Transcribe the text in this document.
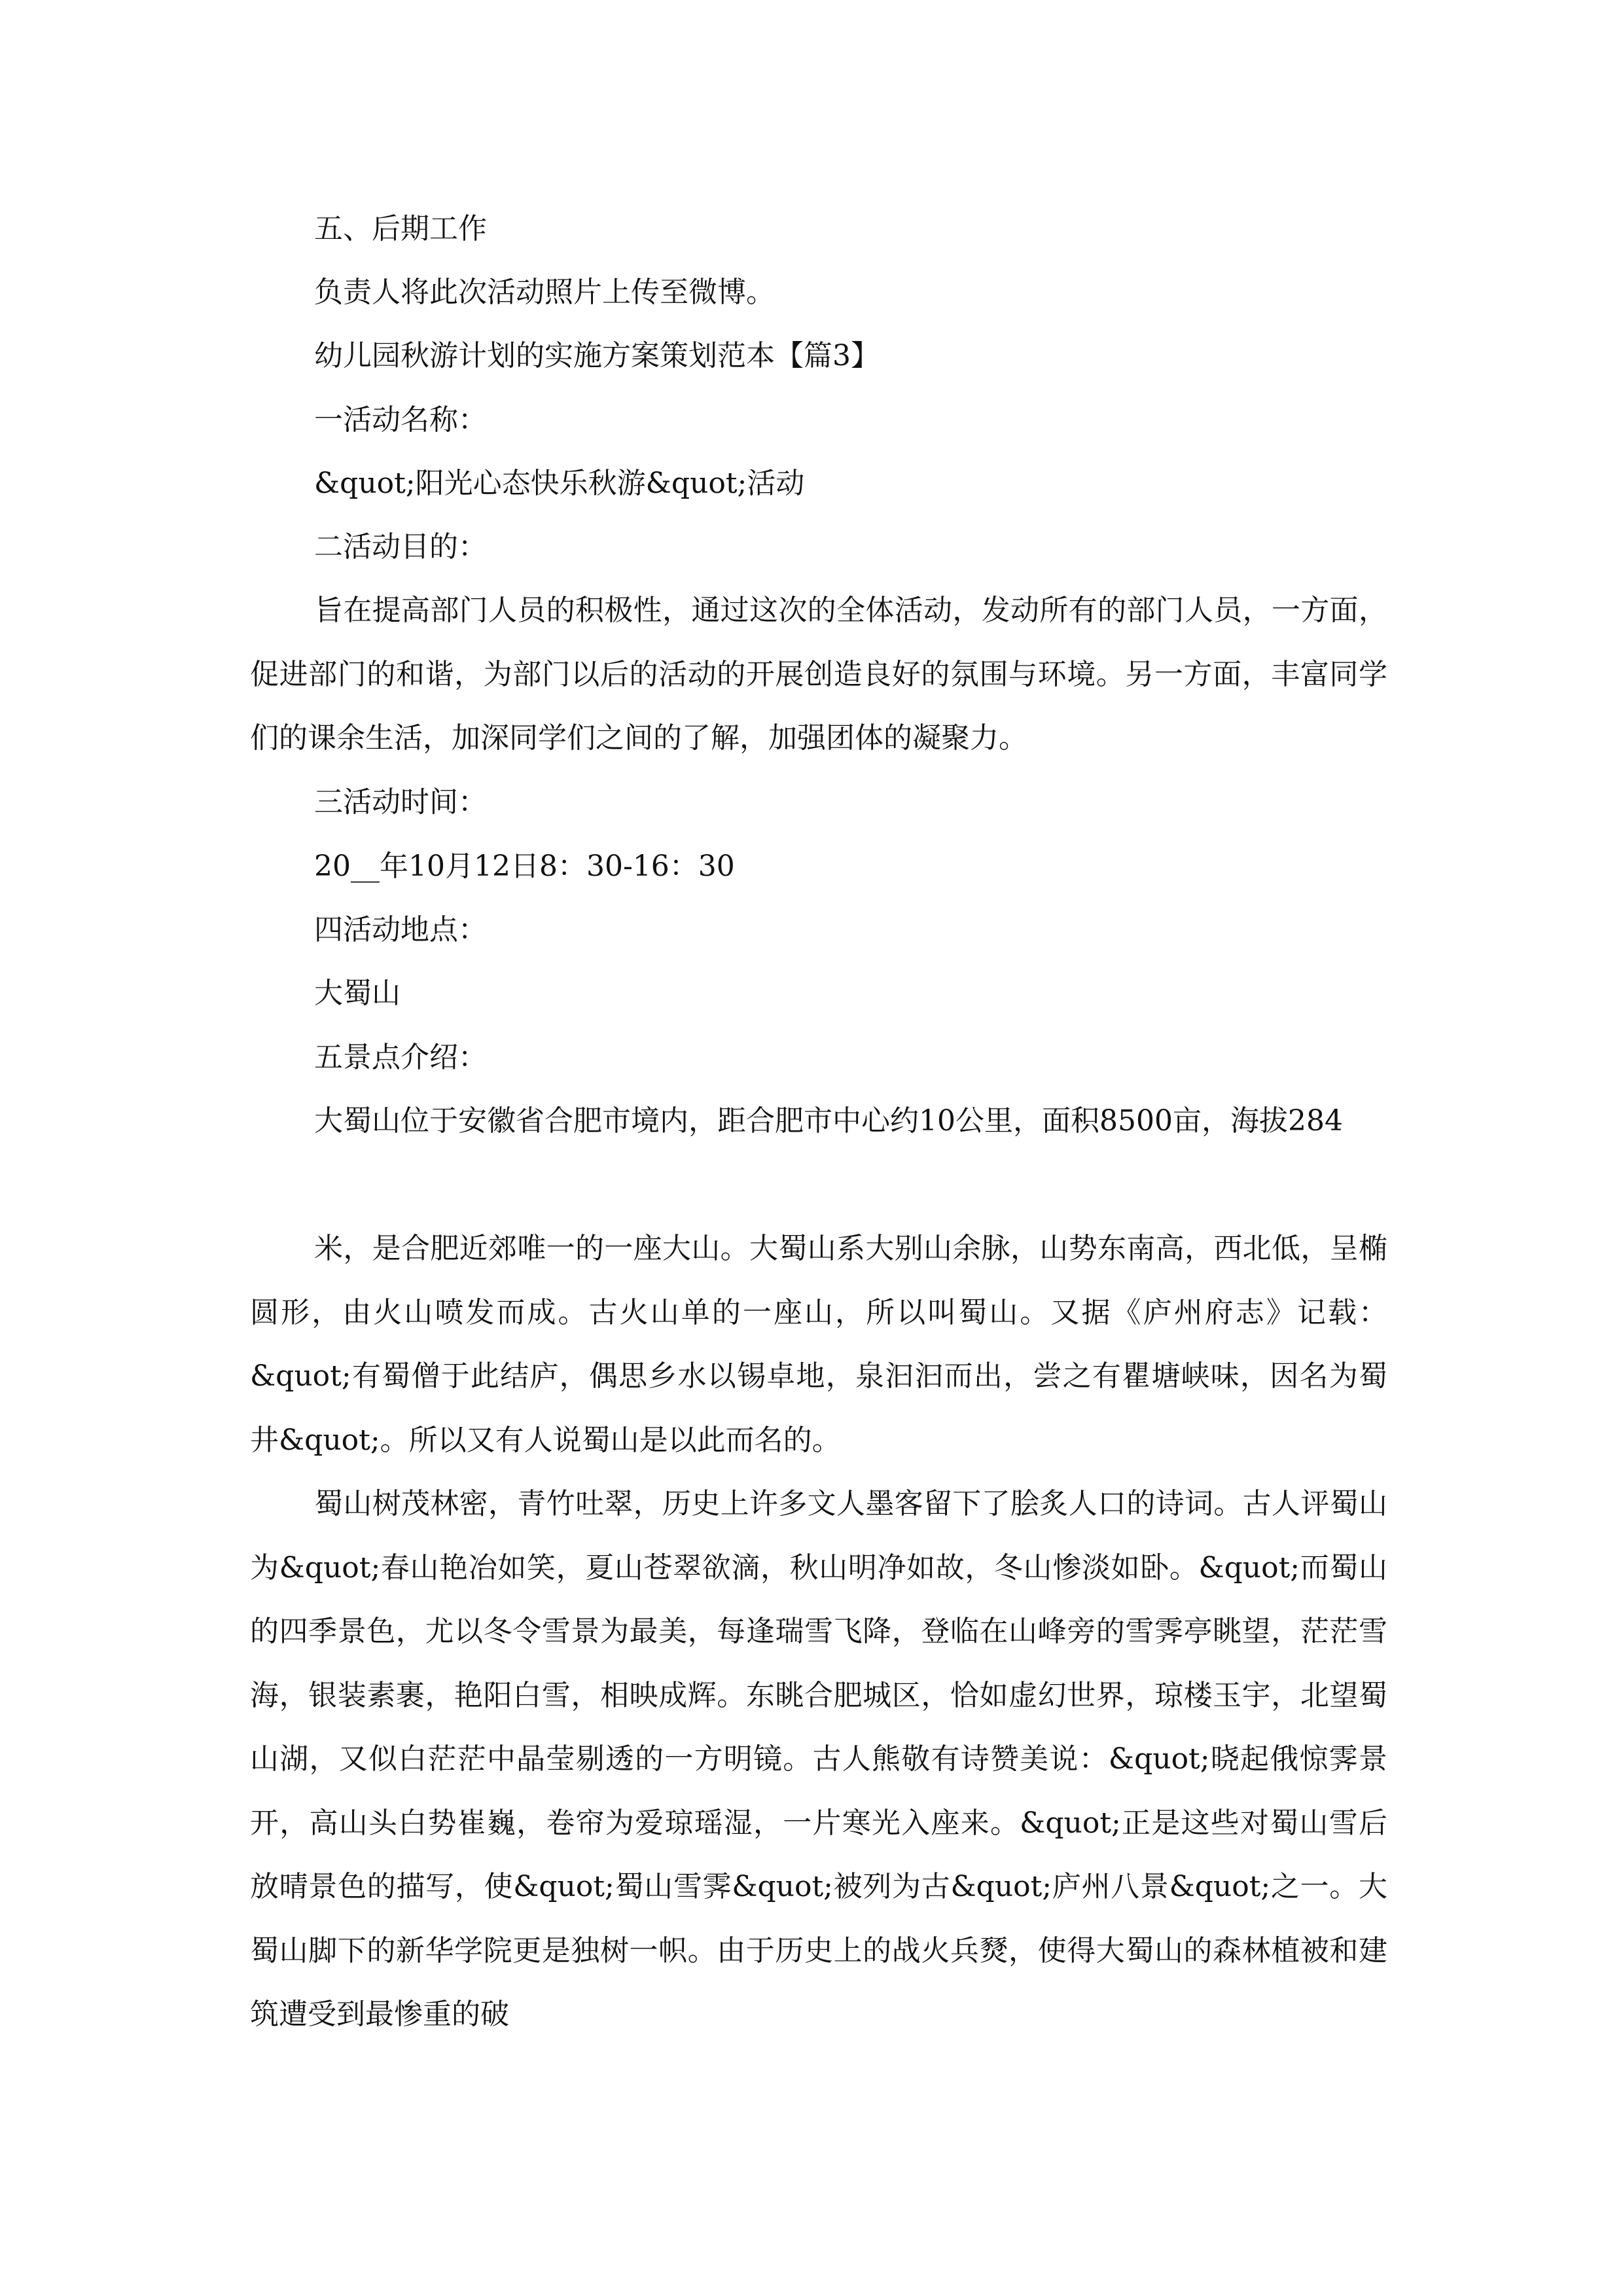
五、后期工作
负责人将此次活动照片上传至微博。
幼儿园秋游计划的实施方案策划范本【篇3】
一活动名称：
&quot;阳光心态快乐秋游&quot;活动
二活动目的：

旨在提高部门人员的积极性，通过这次的全体活动，发动所有的部门人员，一方面，促进部门的和谐，为部门以后的活动的开展创造良好的氛围与环境。另一方面，丰富同学们的课余生活，加深同学们之间的了解，加强团体的凝聚力。

三活动时间：
20__年10月12日8：30-16：30
四活动地点：
大蜀山
五景点介绍：

大蜀山位于安徽省合肥市境内，距合肥市中心约10公里，面积8500亩，海拔284

米，是合肥近郊唯一的一座大山。大蜀山系大别山余脉，山势东南高，西北低，呈椭圆形，由火山喷发而成。古火山单的一座山，所以叫蜀山。又据《庐州府志》记载：&quot;有蜀僧于此结庐，偶思乡水以锡卓地，泉汩汩而出，尝之有瞿塘峡味，因名为蜀井&quot;。所以又有人说蜀山是以此而名的。

蜀山树茂林密，青竹吐翠，历史上许多文人墨客留下了脍炙人口的诗词。古人评蜀山为&quot;春山艳冶如笑，夏山苍翠欲滴，秋山明净如故，冬山惨淡如卧。&quot;而蜀山的四季景色，尤以冬令雪景为最美，每逢瑞雪飞降，登临在山峰旁的雪霁亭眺望，茫茫雪海，银装素裹，艳阳白雪，相映成辉。东眺合肥城区，恰如虚幻世界，琼楼玉宇，北望蜀山湖，又似白茫茫中晶莹剔透的一方明镜。古人熊敬有诗赞美说：&quot;晓起俄惊霁景开，高山头白势崔巍，卷帘为爱琼瑶湿，一片寒光入座来。&quot;正是这些对蜀山雪后放晴景色的描写，使&quot;蜀山雪霁&quot;被列为古&quot;庐州八景&quot;之一。大蜀山脚下的新华学院更是独树一帜。由于历史上的战火兵燹，使得大蜀山的森林植被和建筑遭受到最惨重的破
